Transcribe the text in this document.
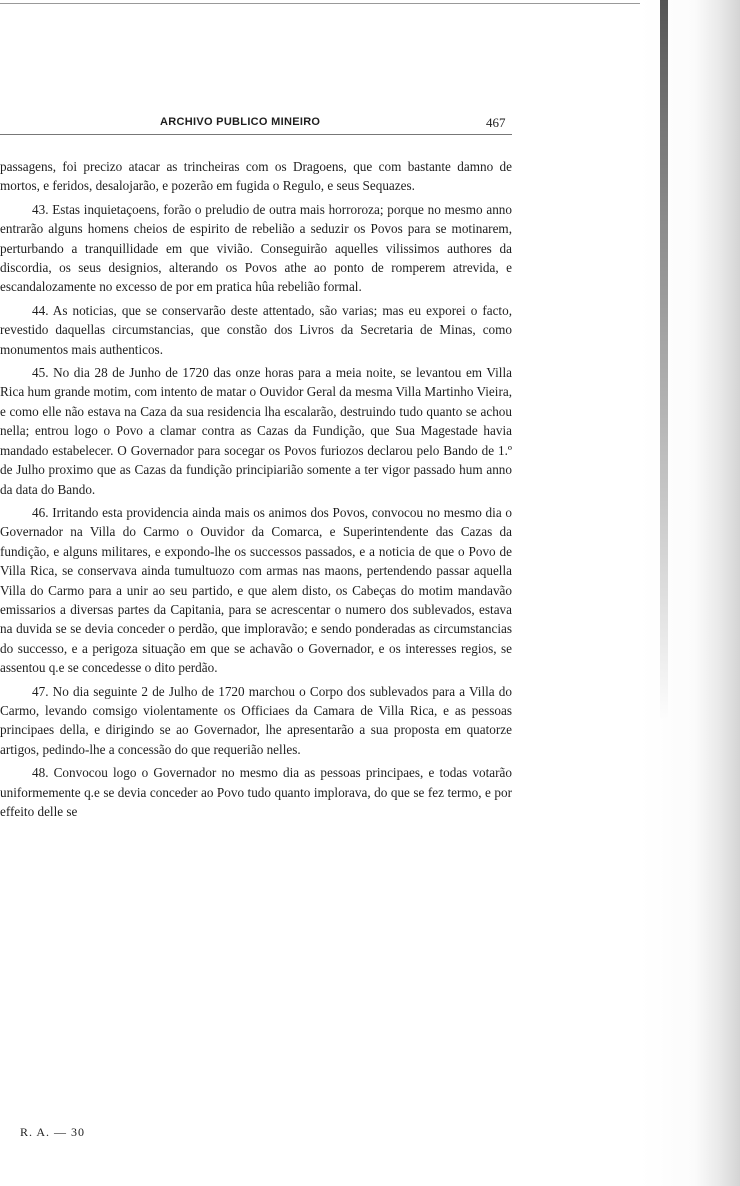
ARCHIVO PUBLICO MINEIRO	467

passagens, foi precizo atacar as trincheiras com os Dragoens, que com bastante damno de mortos, e feridos, desalojarão, e pozerão em fugida o Regulo, e seus Sequazes.

43. Estas inquietaçoens, forão o preludio de outra mais horroroza; porque no mesmo anno entrarão alguns homens cheios de espirito de rebelião a seduzir os Povos para se motinarem, perturbando a tranquillidade em que vivião. Conseguirão aquelles vilissimos authores da discordia, os seus designios, alterando os Povos athe ao ponto de romperem atrevida, e escandalozamente no excesso de por em pratica hûa rebelião formal.

44. As noticias, que se conservarão deste attentado, são varias; mas eu exporei o facto, revestido daquellas circumstancias, que constão dos Livros da Secretaria de Minas, como monumentos mais authenticos.

45. No dia 28 de Junho de 1720 das onze horas para a meia noite, se levantou em Villa Rica hum grande motim, com intento de matar o Ouvidor Geral da mesma Villa Martinho Vieira, e como elle não estava na Caza da sua residencia lha escalarão, destruindo tudo quanto se achou nella; entrou logo o Povo a clamar contra as Cazas da Fundição, que Sua Magestade havia mandado estabelecer. O Governador para socegar os Povos furiozos declarou pelo Bando de 1.º de Julho proximo que as Cazas da fundição principiarião somente a ter vigor passado hum anno da data do Bando.

46. Irritando esta providencia ainda mais os animos dos Povos, convocou no mesmo dia o Governador na Villa do Carmo o Ouvidor da Comarca, e Superintendente das Cazas da fundição, e alguns militares, e expondo-lhe os successos passados, e a noticia de que o Povo de Villa Rica, se conservava ainda tumultuozo com armas nas maons, pertendendo passar aquella Villa do Carmo para a unir ao seu partido, e que alem disto, os Cabeças do motim mandavão emissarios a diversas partes da Capitania, para se acrescentar o numero dos sublevados, estava na duvida se se devia conceder o perdão, que imploravão; e sendo ponderadas as circumstancias do successo, e a perigoza situação em que se achavão o Governador, e os interesses regios, se assentou q.e se concedesse o dito perdão.

47. No dia seguinte 2 de Julho de 1720 marchou o Corpo dos sublevados para a Villa do Carmo, levando comsigo violentamente os Officiaes da Camara de Villa Rica, e as pessoas principaes della, e dirigindo se ao Governador, lhe apresentarão a sua proposta em quatorze artigos, pedindo-lhe a concessão do que requerião nelles.

48. Convocou logo o Governador no mesmo dia as pessoas principaes, e todas votarão uniformemente q.e se devia conceder ao Povo tudo quanto implorava, do que se fez termo, e por effeito delle se

R. A. — 30
